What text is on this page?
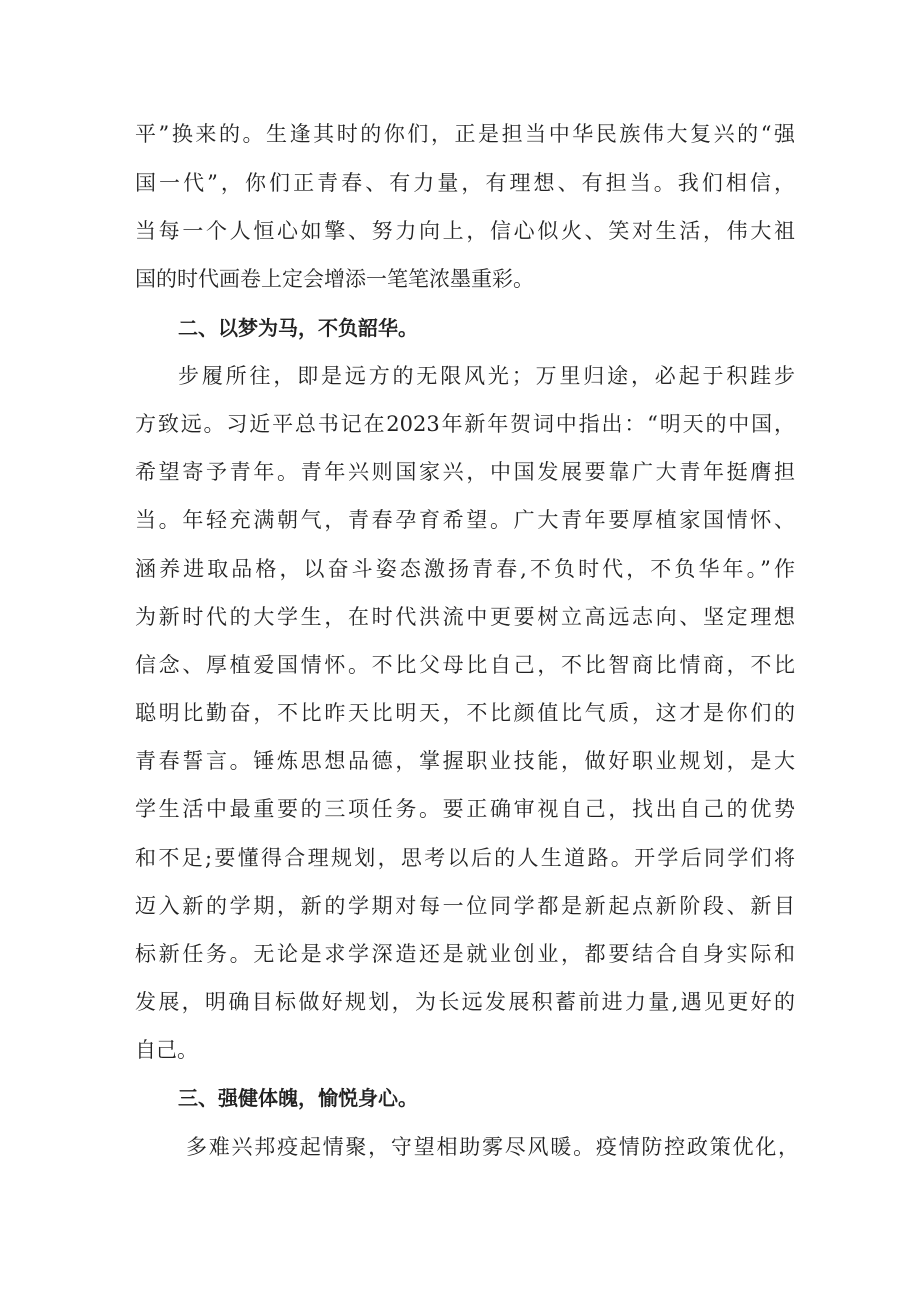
平”换来的。生逢其时的你们，正是担当中华民族伟大复兴的“强
国一代”，你们正青春、有力量，有理想、有担当。我们相信，
当每一个人恒心如擎、努力向上，信心似火、笑对生活，伟大祖
国的时代画卷上定会增添一笔笔浓墨重彩。
二、以梦为马，不负韶华。
步履所往，即是远方的无限风光；万里归途，必起于积跬步
方致远。习近平总书记在2023年新年贺词中指出：“明天的中国，
希望寄予青年。青年兴则国家兴，中国发展要靠广大青年挺膺担
当。年轻充满朝气，青春孕育希望。广大青年要厚植家国情怀、
涵养进取品格，以奋斗姿态激扬青春,不负时代，不负华年。”作
为新时代的大学生，在时代洪流中更要树立高远志向、坚定理想
信念、厚植爱国情怀。不比父母比自己，不比智商比情商，不比
聪明比勤奋，不比昨天比明天，不比颜值比气质，这才是你们的
青春誓言。锤炼思想品德，掌握职业技能，做好职业规划，是大
学生活中最重要的三项任务。要正确审视自己，找出自己的优势
和不足;要懂得合理规划，思考以后的人生道路。开学后同学们将
迈入新的学期，新的学期对每一位同学都是新起点新阶段、新目
标新任务。无论是求学深造还是就业创业，都要结合自身实际和
发展，明确目标做好规划，为长远发展积蓄前进力量,遇见更好的
自己。
三、强健体魄，愉悦身心。
多难兴邦疫起情聚，守望相助雾尽风暖。疫情防控政策优化，
